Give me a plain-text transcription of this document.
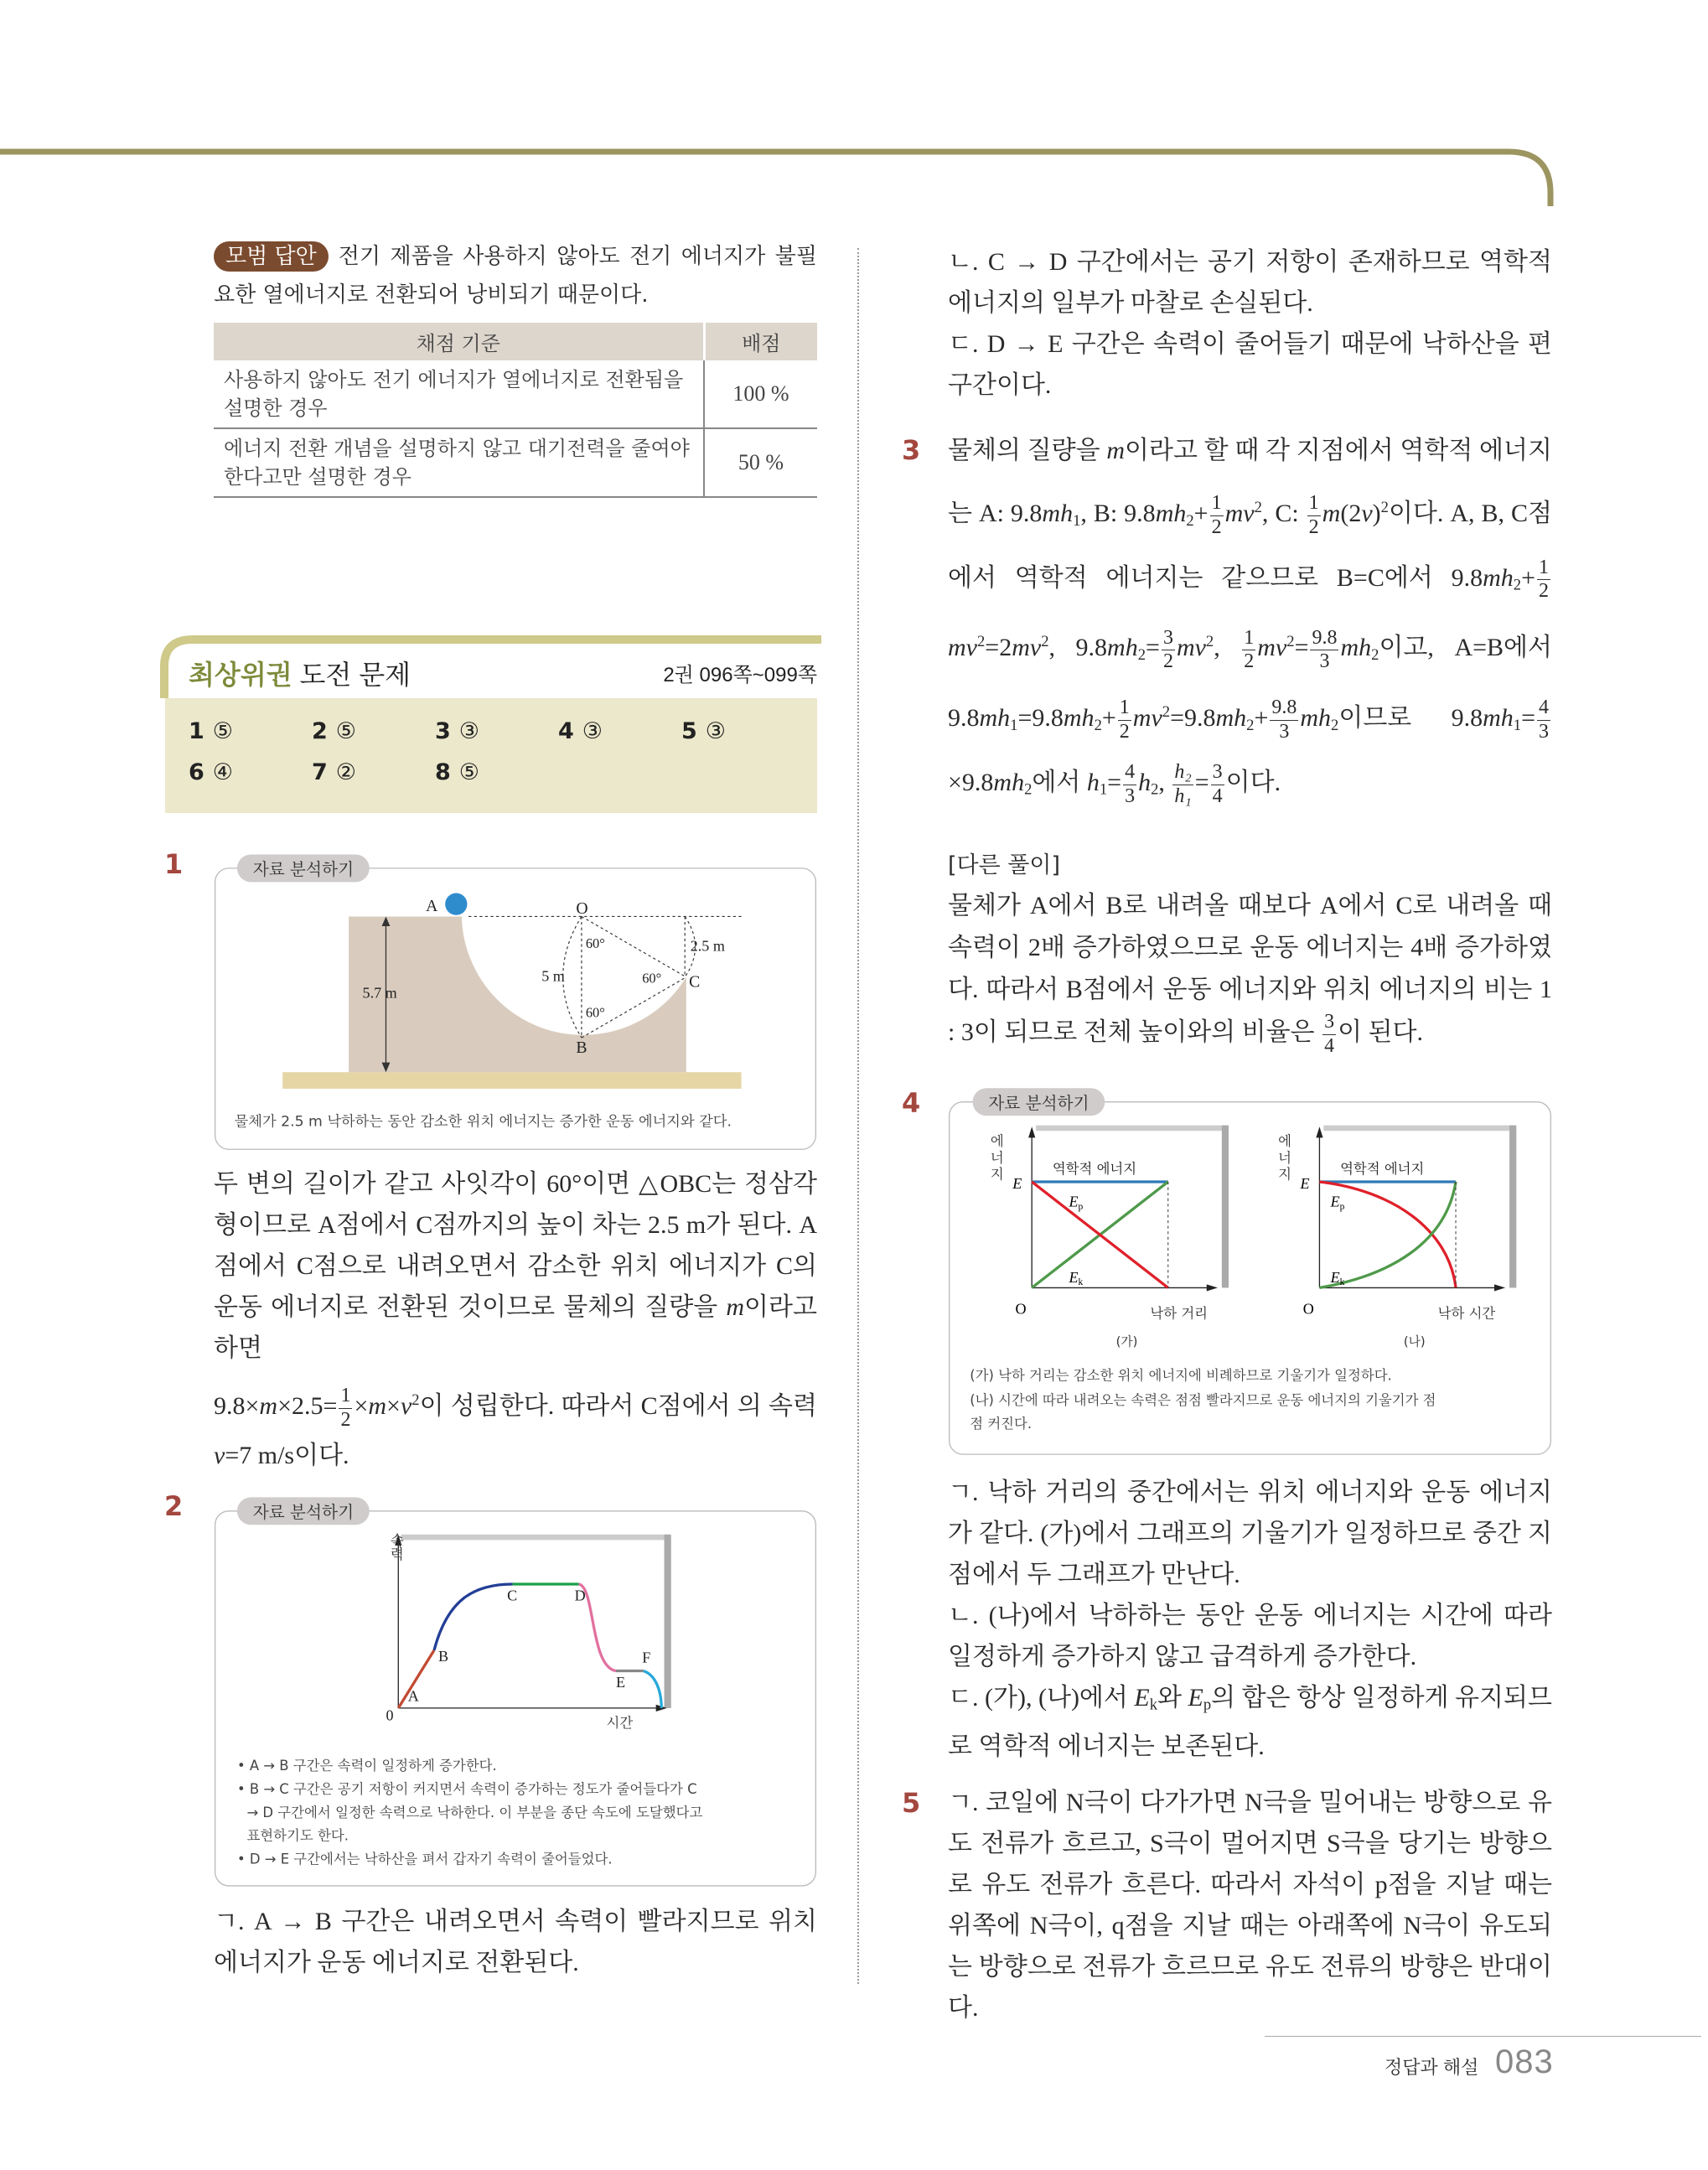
모범 답안 전기 제품을 사용하지 않아도 전기 에너지가 불필요한 열에너지로 전환되어 낭비되기 때문이다.
채점 기준	배점
사용하지 않아도 전기 에너지가 열에너지로 전환됨을 설명한 경우	100 %
에너지 전환 개념을 설명하지 않고 대기전력을 줄여야 한다고만 설명한 경우	50 %
최상위권 도전 문제	2권 096쪽~099쪽
1 ⑤	2 ⑤	3 ③	4 ③	5 ③
6 ④	7 ②	8 ⑤
1	자료 분석하기
A	O
B
C
60°
60°
60°
2.5 m
5 m
5.7 m
물체가 2.5 m 낙하하는 동안 감소한 위치 에너지는 증가한 운동 에너지와 같다.

두 변의 길이가 같고 사잇각이 60°이면 △OBC는 정삼각형이므로 A점에서 C점까지의 높이 차는 2.5 m가 된다. A점에서 C점으로 내려오면서 감소한 위치 에너지가 C의 운동 에너지로 전환된 것이므로 물체의 질량을 m이라고 하면

$9.8\times m\times 2.5= \frac{1}{2} \times m\times v^2$이 성립한다. 따라서 C점에서 의 속력 v=7 m/s이다.

2	자료 분석하기
속력
시간
0
A
B
C	D
E
F
• A → B 구간은 속력이 일정하게 증가한다.
• B → C 구간은 공기 저항이 커지면서 속력이 증가하는 정도가 줄어들다가 C
→ D 구간에서 일정한 속력으로 낙하한다. 이 부분을 종단 속도에 도달했다고
표현하기도 한다.
• D → E 구간에서는 낙하산을 펴서 갑자기 속력이 줄어들었다.

ㄱ. A → B 구간은 내려오면서 속력이 빨라지므로 위치 에너지가 운동 에너지로 전환된다.

ㄴ. C → D 구간에서는 공기 저항이 존재하므로 역학적 에너지의 일부가 마찰로 손실된다.

ㄷ. D → E 구간은 속력이 줄어들기 때문에 낙하산을 편 구간이다.

3 물체의 질량을 m이라고 할 때 각 지점에서 역학적 에너지는 A: $9.8mh_1$, B: $9.8mh_2+ \frac{1}{2} mv^2$, C: $\frac{1}{2} m(2v)^2$이다. A, B, C점에서 역학적 에너지는 같으므로 B=C에서 $9.8mh_2+ \frac{1}{2}$
$mv^2=2mv^2$, $9.8mh_2= \frac{3}{2} mv^2$, $\frac{1}{2} mv^2= \frac{9.8}{3} mh_2$이고, A=B에서 $9.8mh_1=9.8mh_2+ \frac{1}{2} mv^2=9.8mh_2+ \frac{9.8}{3} mh_2$이므로 $9.8mh_1= \frac{4}{3}$
$\times 9.8mh_2$에서 $h_1= \frac{4}{3} h_2$, $\frac{\text{h₂}}{\text{h₁}} = \frac{3}{4}$ 이다.

[다른 풀이]

물체가 A에서 B로 내려올 때보다 A에서 C로 내려올 때 속력이 2배 증가하였으므로 운동 에너지는 4배 증가하였다. 따라서 B점에서 운동 에너지와 위치 에너지의 비는 1 : 3이 되므로 전체 높이와의 비율은 $\frac{3}{4}$ 이 된다.

4	자료 분석하기
에
너
지
E
역학적 에너지
Ep
Ek
O	낙하 거리
(가)
에
너
지
E
역학적 에너지
Ep
Ek
O	낙하 시간
(나)
(가) 낙하 거리는 감소한 위치 에너지에 비례하므로 기울기가 일정하다.
(나) 시간에 따라 내려오는 속력은 점점 빨라지므로 운동 에너지의 기울기가 점
점 커진다.

ㄱ. 낙하 거리의 중간에서는 위치 에너지와 운동 에너지가 같다. (가)에서 그래프의 기울기가 일정하므로 중간 지점에서 두 그래프가 만난다.

ㄴ. (나)에서 낙하하는 동안 운동 에너지는 시간에 따라 일정하게 증가하지 않고 급격하게 증가한다.

ㄷ. (가), (나)에서 $E_k$와 $E_p$의 합은 항상 일정하게 유지되므로 역학적 에너지는 보존된다.

5 ㄱ. 코일에 N극이 다가가면 N극을 밀어내는 방향으로 유도 전류가 흐르고, S극이 멀어지면 S극을 당기는 방향으로 유도 전류가 흐른다. 따라서 자석이 p점을 지날 때는 위쪽에 N극이, q점을 지날 때는 아래쪽에 N극이 유도되는 방향으로 전류가 흐르므로 유도 전류의 방향은 반대이다.

정답과 해설 083
